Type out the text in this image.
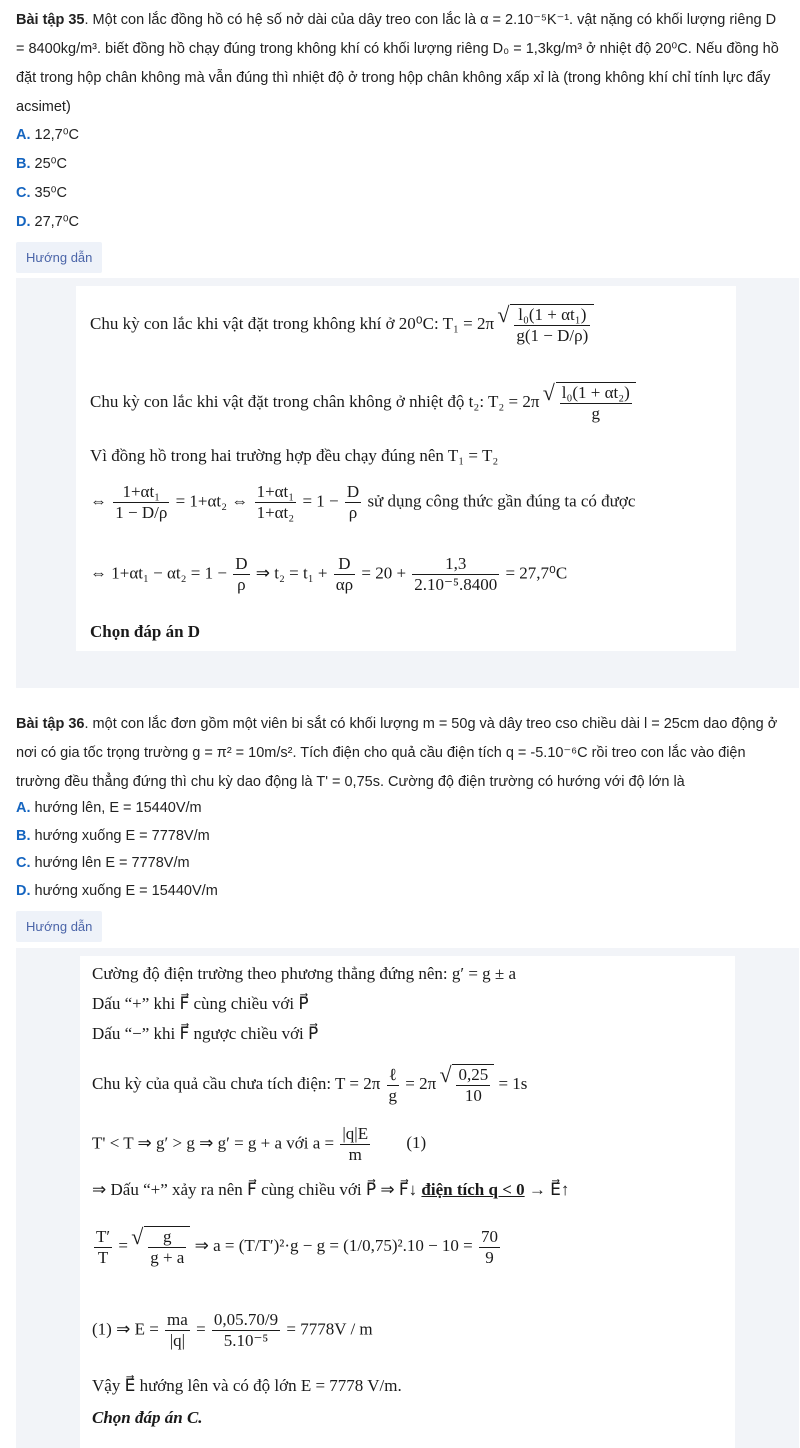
Bài tập 35. Một con lắc đồng hồ có hệ số nở dài của dây treo con lắc là α = 2.10⁻⁵K⁻¹. vật nặng có khối lượng riêng D = 8400kg/m³. biết đồng hồ chạy đúng trong không khí có khối lượng riêng D₀ = 1,3kg/m³ ở nhiệt độ 20⁰C. Nếu đồng hồ đặt trong hộp chân không mà vẫn đúng thì nhiệt độ ở trong hộp chân không xấp xỉ là (trong không khí chỉ tính lực đẩy acsimet)
A. 12,7⁰C
B. 25⁰C
C. 35⁰C
D. 27,7⁰C
Hướng dẫn
Chu kỳ con lắc khi vật đặt trong không khí ở 20⁰C: T₁ = 2π √ $\frac{\text{l₀(1 + αt₁)}}{g(1 - D/\rho)}$
Chu kỳ con lắc khi vật đặt trong chân không ở nhiệt độ t₂: T₂ = 2π √ $\frac{\text{l₀(1 + αt₂)}}{g}$
Vì đồng hồ trong hai trường hợp đều chạy đúng nên T₁ = T₂
⇔ $\frac{\text{1+αt₁}}{1 - D/\rho} = 1+\alpha t_2$ ⇔ $\frac{\text{1+αt₁}}{\text{1+αt₂}} = 1 - \frac{D}{\rho}$ sử dụng công thức gần đúng ta có được
⇔ $1+\alpha t_1 - \alpha t_2 = 1 - \frac{D}{\rho}$ ⇒ $t_2 = t_1 + \frac{D}{\alpha\rho} = 20 + \frac{1,3}{\text{2.10⁻⁵.8400}} = 27,7^0C$
Chọn đáp án D
Bài tập 36. một con lắc đơn gồm một viên bi sắt có khối lượng m = 50g và dây treo cso chiều dài l = 25cm dao động ở nơi có gia tốc trọng trường g = π² = 10m/s². Tích điện cho quả cầu điện tích q = -5.10⁻⁶C rồi treo con lắc vào điện trường đều thẳng đứng thì chu kỳ dao động là T' = 0,75s. Cường độ điện trường có hướng với độ lớn là
A. hướng lên, E = 15440V/m
B. hướng xuống E = 7778V/m
C. hướng lên E = 7778V/m
D. hướng xuống E = 15440V/m
Hướng dẫn
Cường độ điện trường theo phương thẳng đứng nên: g′ = g ± a
Dấu “+” khi F⃗ cùng chiều với P⃗
Dấu “−” khi F⃗ ngược chiều với P⃗
Chu kỳ của quả cầu chưa tích điện: T = 2π ℓ
g
= 2π √ $\frac{0,25}{10} = 1s$
T' < T ⇒ g′ > g ⇒ g′ = g + a với $a = \frac{|q|E}{m} (1)$
⇒ Dấu “+” xảy ra nên F⃗ cùng chiều với P⃗ ⇒ F⃗↓ điện tích q < 0 → E⃗↑
$\frac{T'}{T}$ = √ $\frac{g}{g + a}$ ⇒ $a = (T/T')^2\cdot g - g = (1/0,75)^2.10 - 10 = \frac{70}{9}$
(1) ⇒ $E = \frac{ma}{|q|} = \frac{0,05.70/9}{\text{5.10⁻⁵}} = 7778V / m$
Vậy E⃗ hướng lên và có độ lớn E = 7778 V/m.
Chọn đáp án C.
